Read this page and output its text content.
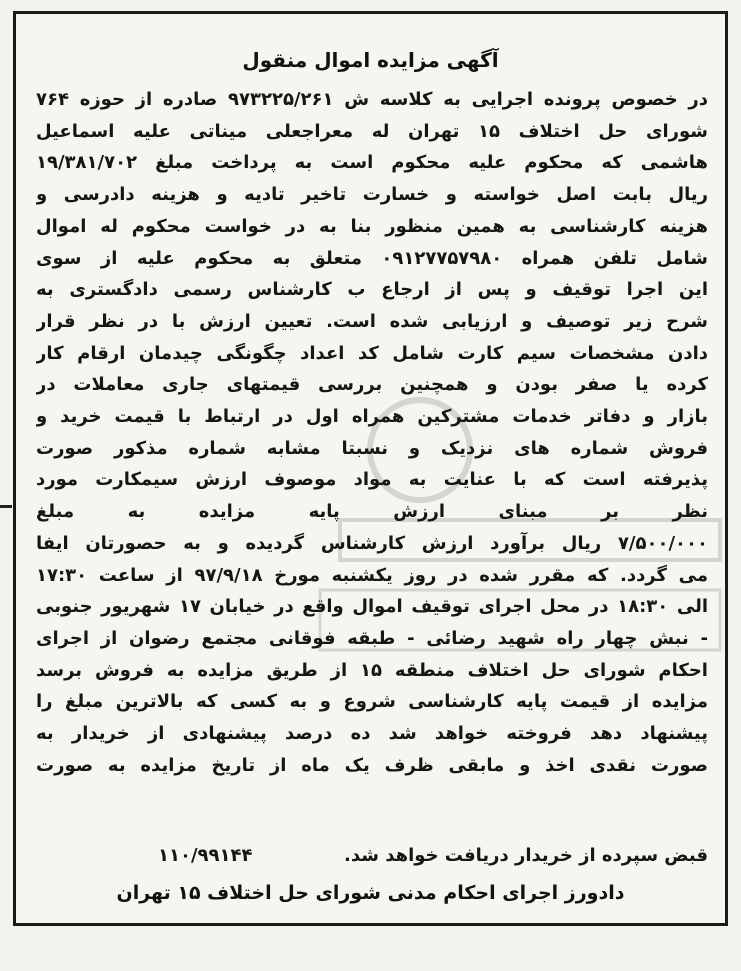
آگهی مزایده اموال منقول
در خصوص پرونده اجرایی به کلاسه ش ۹۷۳۲۲۵/۲۶۱ صادره از حوزه ۷۶۴
شورای حل اختلاف ۱۵ تهران له معراجعلی میناتی علیه اسماعیل
هاشمی که محکوم علیه محکوم است به پرداخت مبلغ ۱۹/۳۸۱/۷۰۲
ریال بابت اصل خواسته و خسارت تاخیر تادیه و هزینه دادرسی و
هزینه کارشناسی به همین منظور بنا به در خواست محکوم له اموال
شامل تلفن همراه ۰۹۱۲۷۷۵۷۹۸۰ متعلق به محکوم علیه از سوی
این اجرا توقیف و پس از ارجاع ب کارشناس رسمی دادگستری به
شرح زیر توصیف و ارزیابی شده است. تعیین ارزش با در نظر قرار
دادن مشخصات سیم کارت شامل کد اعداد چگونگی چیدمان ارقام کار
کرده یا صفر بودن و همچنین بررسی قیمتهای جاری معاملات در
بازار و دفاتر خدمات مشترکین همراه اول در ارتباط با قیمت خرید و
فروش شماره های نزدیک و نسبتا مشابه شماره مذکور صورت
پذیرفته است که با عنایت به مواد موصوف ارزش سیمکارت مورد
نظر بر مبنای ارزش پایه مزایده به مبلغ
۷/۵۰۰/۰۰۰ ریال برآورد ارزش کارشناس گردیده و به حصورتان ایفا
می گردد. که مقرر شده در روز یکشنبه مورخ ۹۷/۹/۱۸ از ساعت ۱۷:۳۰
الی ۱۸:۳۰ در محل اجرای توقیف اموال واقع در خیابان ۱۷ شهریور جنوبی
- نبش چهار راه شهید رضائی - طبقه فوقانی مجتمع رضوان از اجرای
احکام شورای حل اختلاف منطقه ۱۵ از طریق مزایده به فروش برسد
مزایده از قیمت پایه کارشناسی شروع و به کسی که بالاترین مبلغ را
پیشنهاد دهد فروخته خواهد شد ده درصد پیشنهادی از خریدار به
صورت نقدی اخذ و مابقی ظرف یک ماه از تاریخ مزایده به صورت
قبض سپرده از خریدار دریافت خواهد شد.
۱۱۰/۹۹۱۴۴
دادورز اجرای احکام مدنی شورای حل اختلاف ۱۵ تهران
